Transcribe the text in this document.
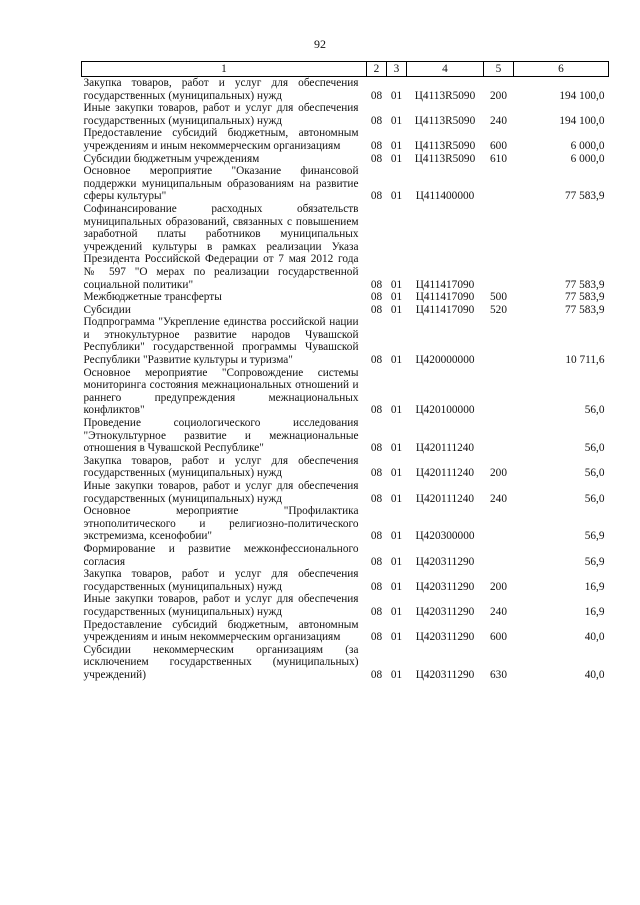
92
1	2	3	4	5	6
Закупка товаров, работ и услуг для обеспечения государственных (муниципальных) нужд	08	01	Ц4113R5090	200	194 100,0
Иные закупки товаров, работ и услуг для обеспечения государственных (муниципальных) нужд	08	01	Ц4113R5090	240	194 100,0
Предоставление субсидий бюджетным, автономным учреждениям и иным некоммерческим организациям	08	01	Ц4113R5090	600	6 000,0
Субсидии бюджетным учреждениям	08	01	Ц4113R5090	610	6 000,0
Основное мероприятие "Оказание финансовой поддержки муниципальным образованиям на развитие сферы культуры"	08	01	Ц411400000		77 583,9
Софинансирование расходных обязательств муниципальных образований, связанных с повышением заработной платы работников муниципальных учреждений культуры в рамках реализации Указа Президента Российской Федерации от 7 мая 2012 года № 597 "О мерах по реализации государственной социальной политики"	08	01	Ц411417090		77 583,9
Межбюджетные трансферты	08	01	Ц411417090	500	77 583,9
Субсидии	08	01	Ц411417090	520	77 583,9
Подпрограмма "Укрепление единства российской нации и этнокультурное развитие народов Чувашской Республики" государственной программы Чувашской Республики "Развитие культуры и туризма"	08	01	Ц420000000		10 711,6
Основное мероприятие "Сопровождение системы мониторинга состояния межнациональных отношений и раннего предупреждения межнациональных конфликтов"	08	01	Ц420100000		56,0
Проведение социологического исследования "Этнокультурное развитие и межнациональные отношения в Чувашской Республике"	08	01	Ц420111240		56,0
Закупка товаров, работ и услуг для обеспечения государственных (муниципальных) нужд	08	01	Ц420111240	200	56,0
Иные закупки товаров, работ и услуг для обеспечения государственных (муниципальных) нужд	08	01	Ц420111240	240	56,0
Основное мероприятие "Профилактика этнополитического и религиозно-политического экстремизма, ксенофобии"	08	01	Ц420300000		56,9
Формирование и развитие межконфессионального согласия	08	01	Ц420311290		56,9
Закупка товаров, работ и услуг для обеспечения государственных (муниципальных) нужд	08	01	Ц420311290	200	16,9
Иные закупки товаров, работ и услуг для обеспечения государственных (муниципальных) нужд	08	01	Ц420311290	240	16,9
Предоставление субсидий бюджетным, автономным учреждениям и иным некоммерческим организациям	08	01	Ц420311290	600	40,0
Субсидии некоммерческим организациям (за исключением государственных (муниципальных) учреждений)	08	01	Ц420311290	630	40,0
